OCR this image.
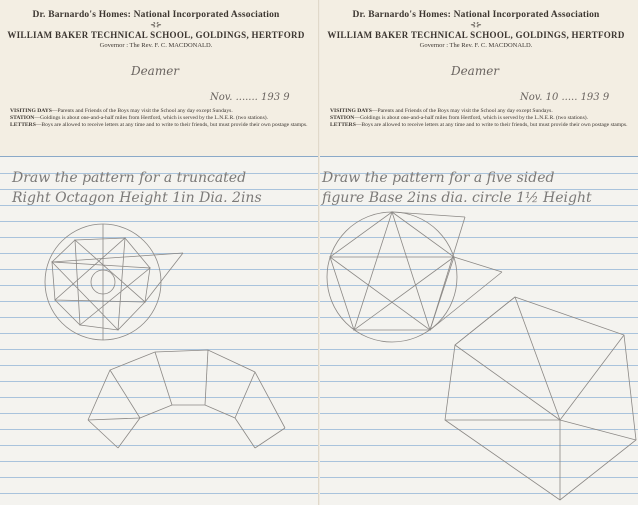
Dr. Barnardo's Homes: National Incorporated Association
⊰⊱
WILLIAM BAKER TECHNICAL SCHOOL, GOLDINGS, HERTFORD
Governor : The Rev. F. C. MACDONALD.
Deamer
Nov. ....... 193 9
VISITING DAYS—Parents and Friends of the Boys may visit the School any day except Sundays.
STATION—Goldings is about one-and-a-half miles from Hertford, which is served by the L.N.E.R. (two stations).
LETTERS—Boys are allowed to receive letters at any time and to write to their friends, but must provide their own postage stamps.
Dr. Barnardo's Homes: National Incorporated Association
⊰⊱
WILLIAM BAKER TECHNICAL SCHOOL, GOLDINGS, HERTFORD
Governor : The Rev. F. C. MACDONALD.
Deamer
Nov. 10 ..... 193 9
VISITING DAYS—Parents and Friends of the Boys may visit the School any day except Sundays.
STATION—Goldings is about one-and-a-half miles from Hertford, which is served by the L.N.E.R. (two stations).
LETTERS—Boys are allowed to receive letters at any time and to write to their friends, but must provide their own postage stamps.
Draw the pattern for a truncated
Right Octagon Height 1in Dia. 2ins
Draw the pattern for a five sided
figure Base 2ins dia. circle 1½ Height
